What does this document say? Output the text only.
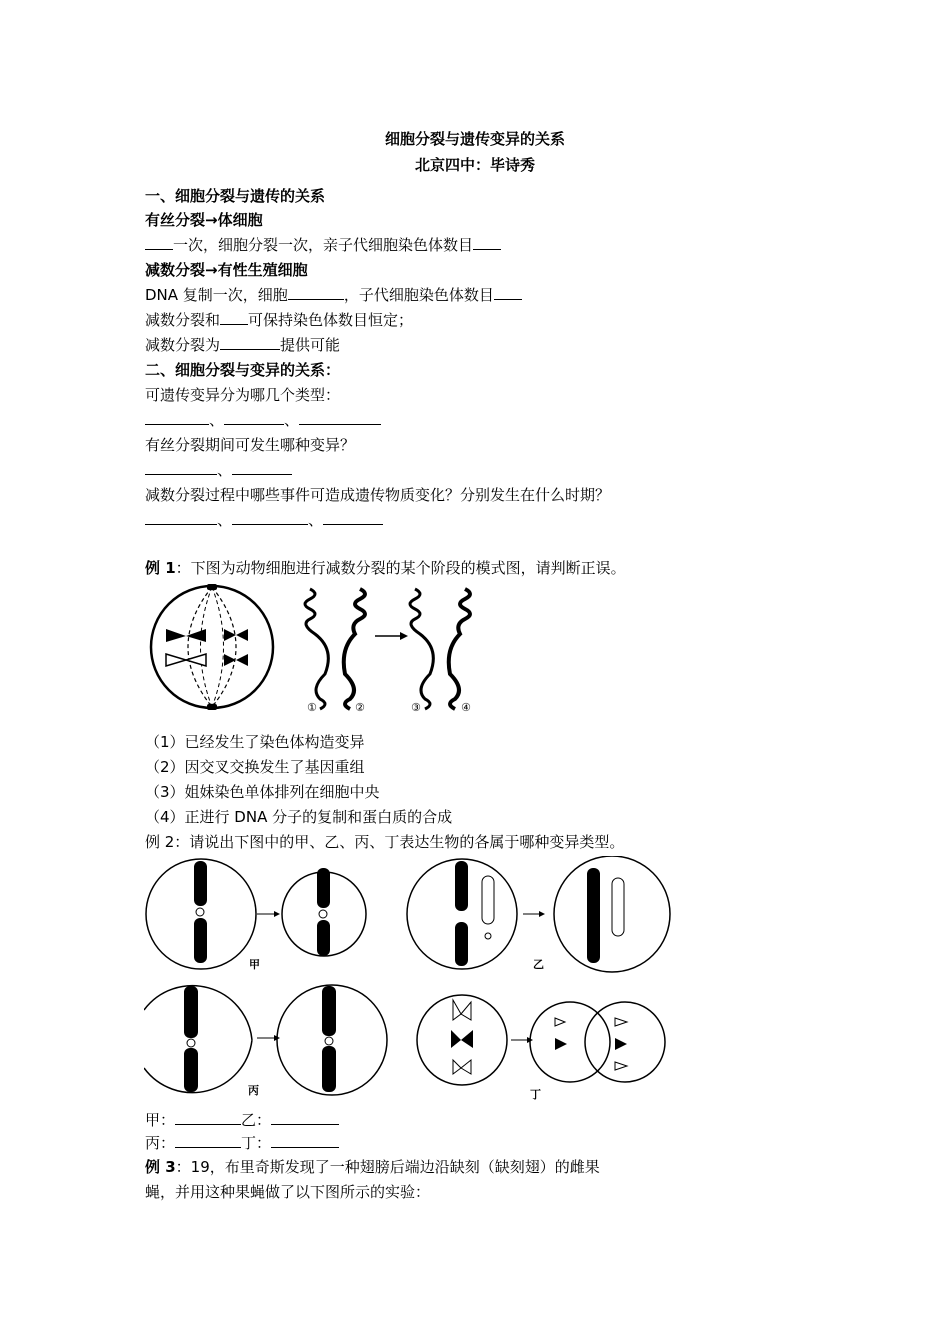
细胞分裂与遗传变异的关系
北京四中：毕诗秀
一、细胞分裂与遗传的关系
有丝分裂→体细胞
一次，细胞分裂一次，亲子代细胞染色体数目
减数分裂→有性生殖细胞
DNA 复制一次，细胞	，子代细胞染色体数目
减数分裂和 可保持染色体数目恒定；
减数分裂为	提供可能
二、细胞分裂与变异的关系：
可遗传变异分为哪几个类型：
、	、
有丝分裂期间可发生哪种变异？
、
减数分裂过程中哪些事件可造成遗传物质变化？分别发生在什么时期？
、	、
例 1：下图为动物细胞进行减数分裂的某个阶段的模式图，请判断正误。
①	②	③	④
（1）已经发生了染色体构造变异
（2）因交叉交换发生了基因重组
（3）姐妹染色单体排列在细胞中央
（4）正进行 DNA 分子的复制和蛋白质的合成
例 2：请说出下图中的甲、乙、丙、丁表达生物的各属于哪种变异类型。
甲	乙
丙	丁
甲：	乙：
丙：	丁：
例 3：19，布里奇斯发现了一种翅膀后端边沿缺刻（缺刻翅）的雌果
蝇，并用这种果蝇做了以下图所示的实验：
